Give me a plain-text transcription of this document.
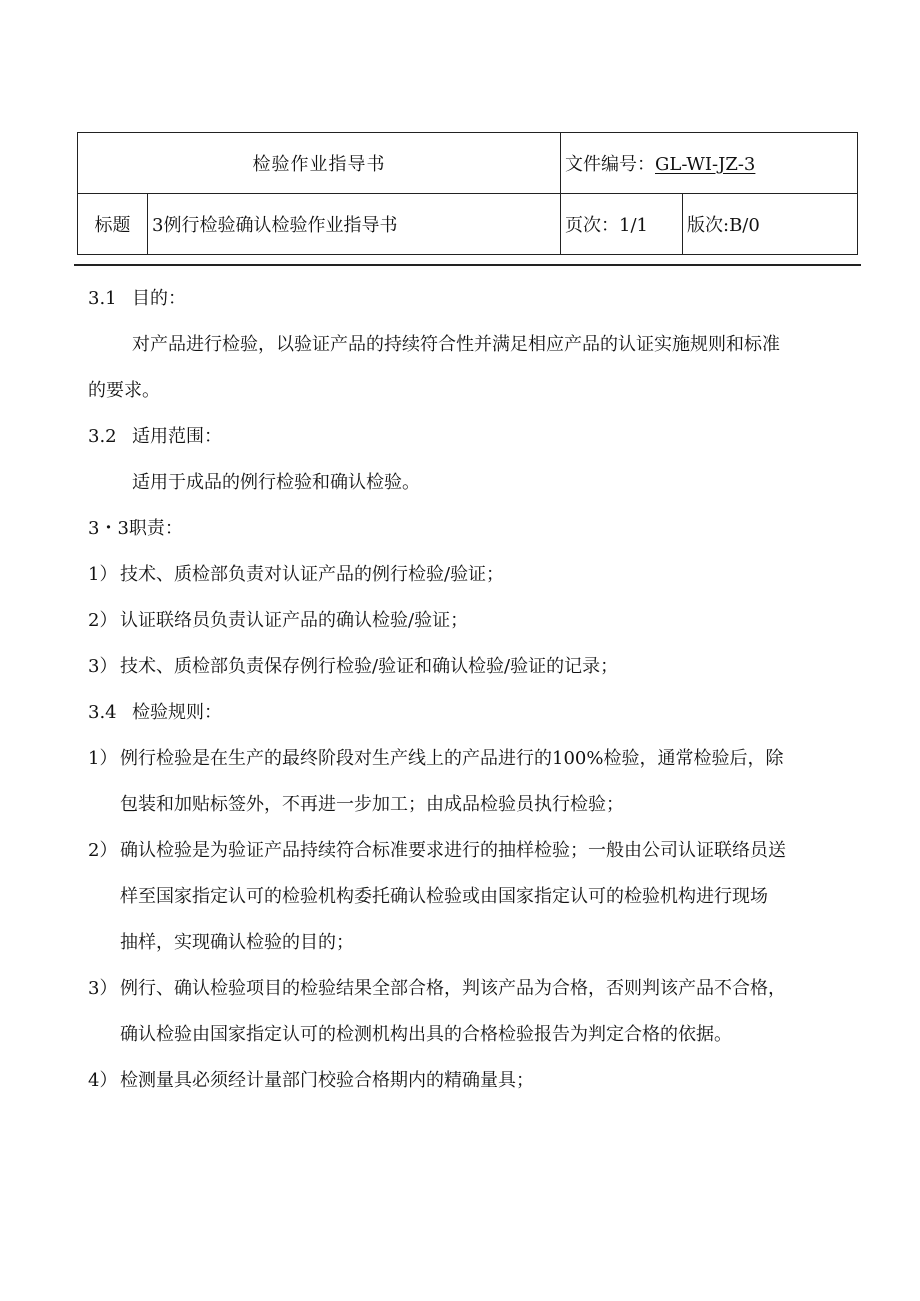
检验作业指导书		文件编号：GL-WI-JZ-3	
标题	3例行检验确认检验作业指导书	页次：1/1	版次:B/0

3.1 目的：

对产品进行检验，以验证产品的持续符合性并满足相应产品的认证实施规则和标准

的要求。

3.2 适用范围：

适用于成品的例行检验和确认检验。

3・3职责：

1） 技术、质检部负责对认证产品的例行检验/验证；

2） 认证联络员负责认证产品的确认检验/验证；

3） 技术、质检部负责保存例行检验/验证和确认检验/验证的记录；

3.4 检验规则：

1） 例行检验是在生产的最终阶段对生产线上的产品进行的100%检验，通常检验后，除

包装和加贴标签外，不再进一步加工；由成品检验员执行检验；

2） 确认检验是为验证产品持续符合标准要求进行的抽样检验；一般由公司认证联络员送

样至国家指定认可的检验机构委托确认检验或由国家指定认可的检验机构进行现场

抽样，实现确认检验的目的；

3） 例行、确认检验项目的检验结果全部合格，判该产品为合格，否则判该产品不合格，

确认检验由国家指定认可的检测机构出具的合格检验报告为判定合格的依据。

4） 检测量具必须经计量部门校验合格期内的精确量具；
